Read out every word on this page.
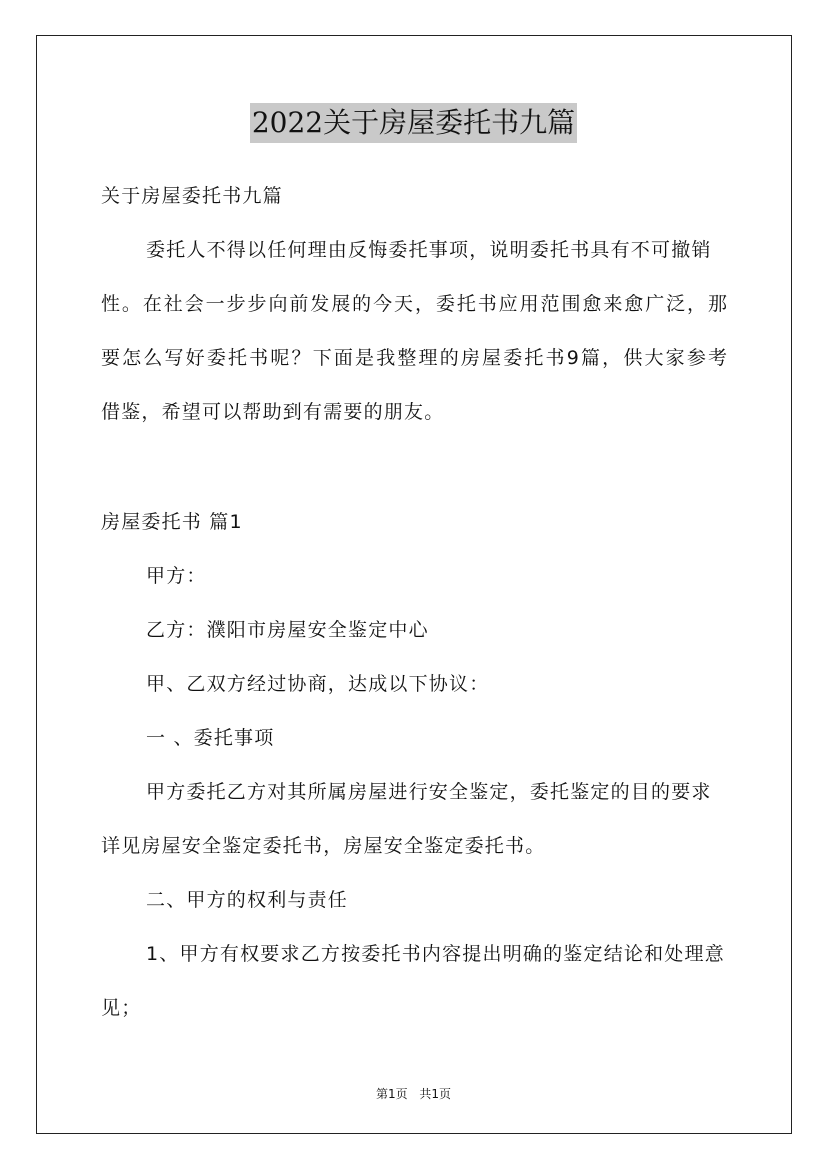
2022关于房屋委托书九篇
关于房屋委托书九篇
委托人不得以任何理由反悔委托事项，说明委托书具有不可撤销
性。在社会一步步向前发展的今天，委托书应用范围愈来愈广泛，那
要怎么写好委托书呢？下面是我整理的房屋委托书9篇，供大家参考
借鉴，希望可以帮助到有需要的朋友。
房屋委托书 篇1
甲方：
乙方：濮阳市房屋安全鉴定中心
甲、乙双方经过协商，达成以下协议：
一 、委托事项
甲方委托乙方对其所属房屋进行安全鉴定，委托鉴定的目的要求
详见房屋安全鉴定委托书，房屋安全鉴定委托书。
二、甲方的权利与责任
1、甲方有权要求乙方按委托书内容提出明确的鉴定结论和处理意
见；
第1页 共1页
